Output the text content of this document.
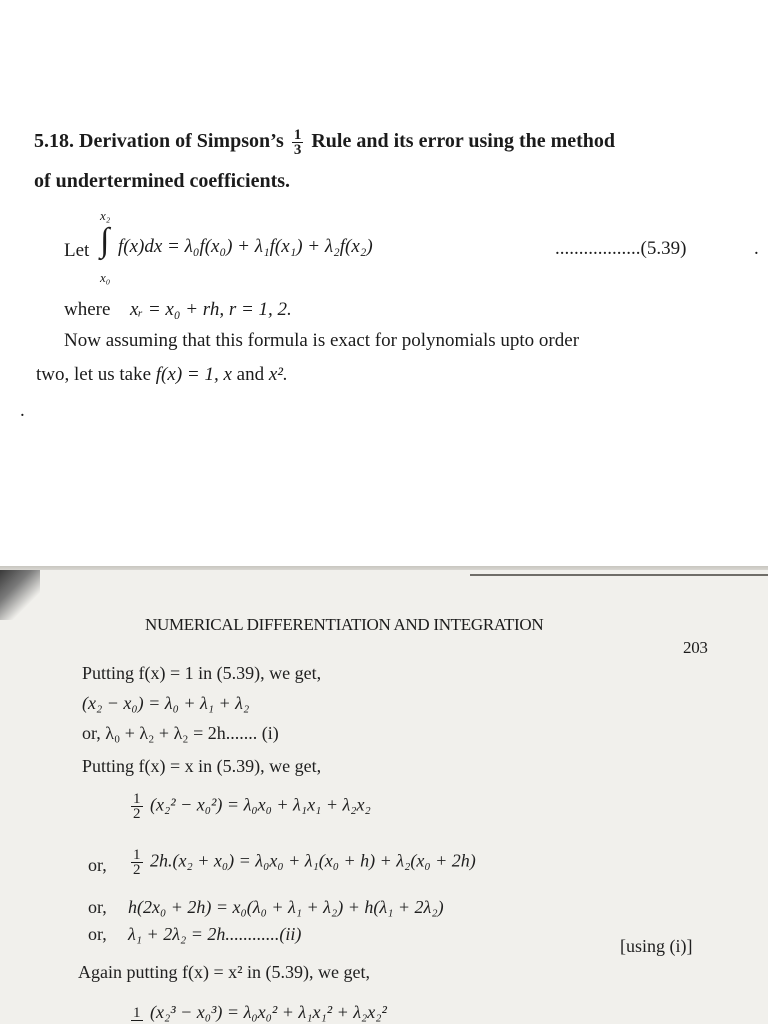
5.18. Derivation of Simpson’s $\frac{1}{3}$ Rule and its error using the method
of undertermined coefficients.
Let
x₂
∫
x₀
f(x)dx = λ₀f(x₀) + λ₁f(x₁) + λ₂f(x₂)	..................(5.39)	.
where xᵣ = x₀ + rh, r = 1, 2.
Now assuming that this formula is exact for polynomials upto order
two, let us take f(x) = 1, x and x².
.
NUMERICAL DIFFERENTIATION AND INTEGRATION
203
Putting f(x) = 1 in (5.39), we get,
(x₂ − x₀) = λ₀ + λ₁ + λ₂
or, λ₀ + λ₂ + λ₂ = 2h....... (i)
Putting f(x) = x in (5.39), we get,
$\frac{1}{2} (x_2^2 - x_0^2) = \lambda_0x_0 + \lambda_1x_1 + \lambda_2x_2$
or, $\frac{1}{2} 2h.(x_2 + x_0) = \lambda_0x_0 + \lambda_1(x_0 + h) + \lambda_2(x_0 + 2h)$
or, h(2x₀ + 2h) = x₀(λ₀ + λ₁ + λ₂) + h(λ₁ + 2λ₂)
or, λ₁ + 2λ₂ = 2h............(ii)
[using (i)]
Again putting f(x) = x² in (5.39), we get,
1 (x₂³ − x₀³) = λ₀x₀² + λ₁x₁² + λ₂x₂²
